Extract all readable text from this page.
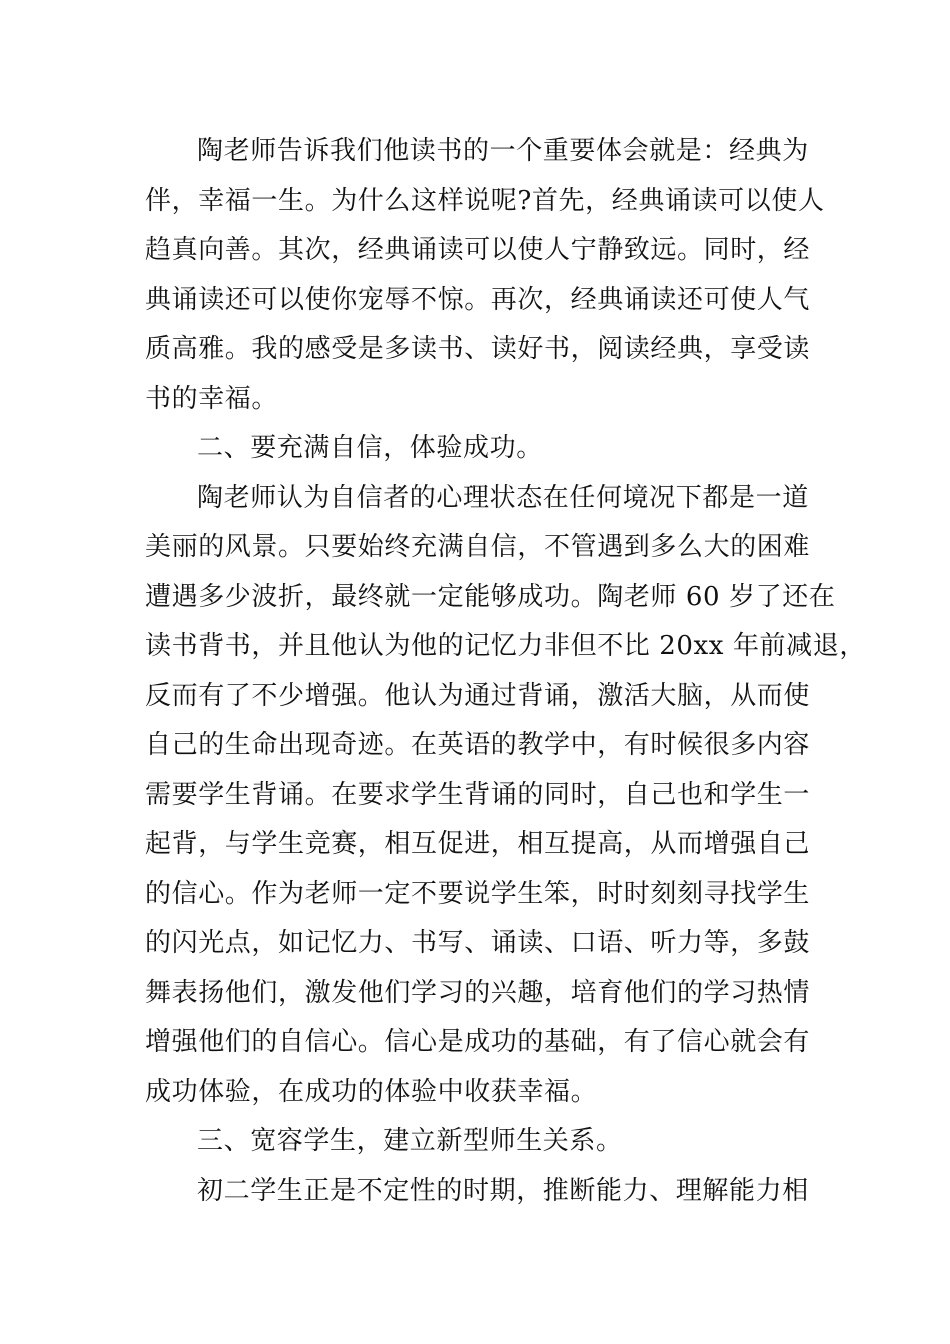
陶老师告诉我们他读书的一个重要体会就是：经典为
伴，幸福一生。为什么这样说呢?首先，经典诵读可以使人
趋真向善。其次，经典诵读可以使人宁静致远。同时，经
典诵读还可以使你宠辱不惊。再次，经典诵读还可使人气
质高雅。我的感受是多读书、读好书，阅读经典，享受读
书的幸福。
二、要充满自信，体验成功。
陶老师认为自信者的心理状态在任何境况下都是一道
美丽的风景。只要始终充满自信，不管遇到多么大的困难
遭遇多少波折，最终就一定能够成功。陶老师 60 岁了还在
读书背书，并且他认为他的记忆力非但不比 20xx 年前减退，
反而有了不少增强。他认为通过背诵，激活大脑，从而使
自己的生命出现奇迹。在英语的教学中，有时候很多内容
需要学生背诵。在要求学生背诵的同时，自己也和学生一
起背，与学生竞赛，相互促进，相互提高，从而增强自己
的信心。作为老师一定不要说学生笨，时时刻刻寻找学生
的闪光点，如记忆力、书写、诵读、口语、听力等，多鼓
舞表扬他们，激发他们学习的兴趣，培育他们的学习热情
增强他们的自信心。信心是成功的基础，有了信心就会有
成功体验，在成功的体验中收获幸福。
三、宽容学生，建立新型师生关系。
初二学生正是不定性的时期，推断能力、理解能力相
